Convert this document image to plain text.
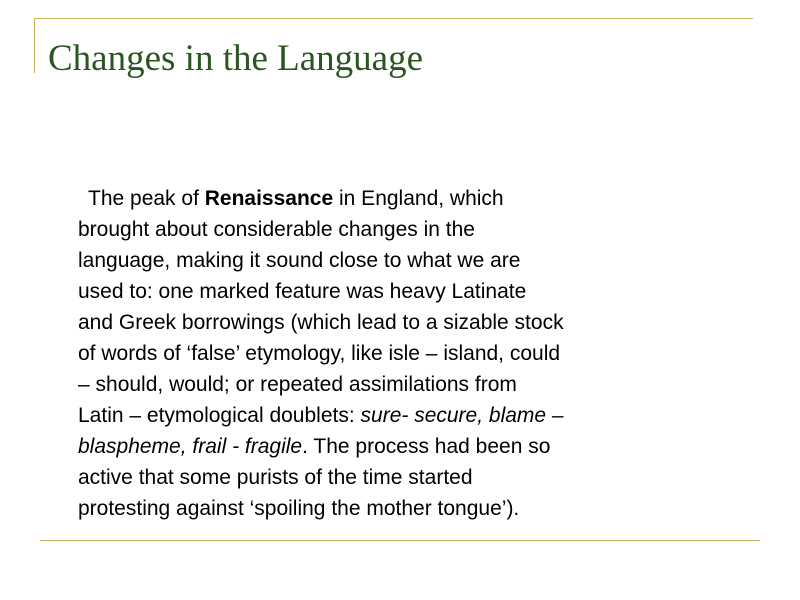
Changes in the Language

The peak of Renaissance in England, which
brought about considerable changes in the
language, making it sound close to what we are
used to: one marked feature was heavy Latinate
and Greek borrowings (which lead to a sizable stock
of words of ‘false’ etymology, like isle – island, could
– should, would; or repeated assimilations from
Latin – etymological doublets: sure- secure, blame –
blaspheme, frail - fragile. The process had been so
active that some purists of the time started
protesting against ‘spoiling the mother tongue’).
